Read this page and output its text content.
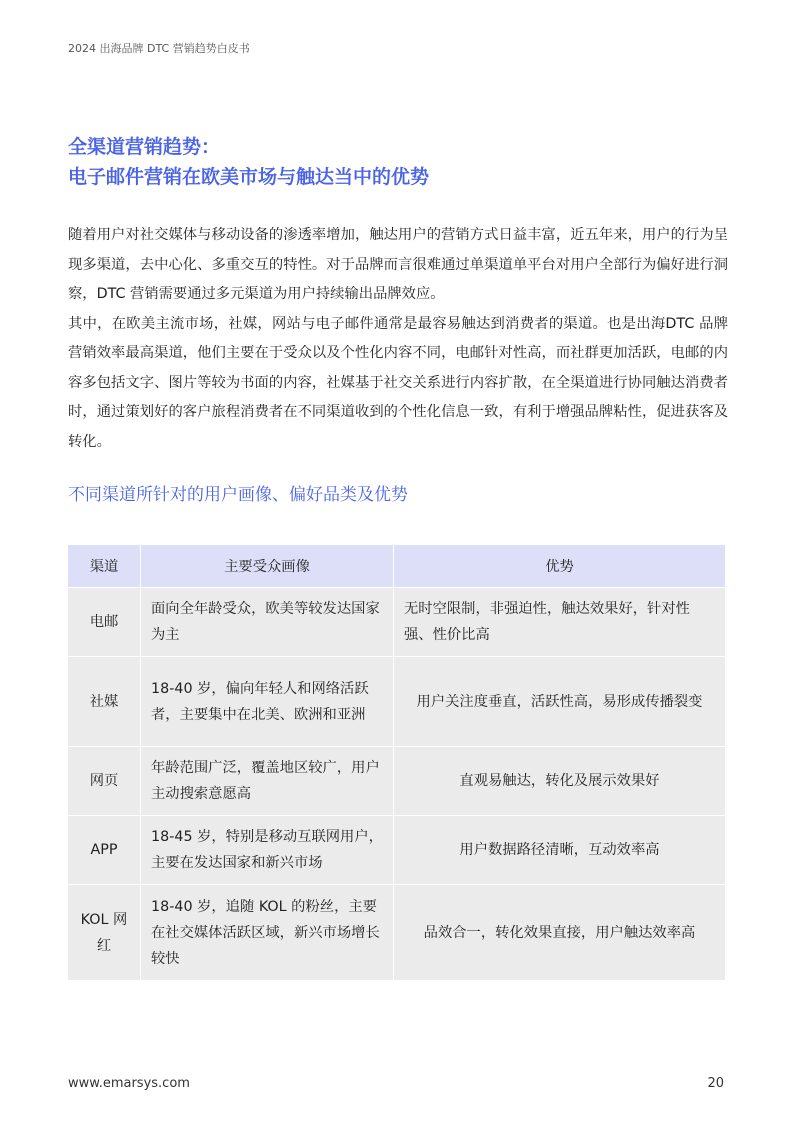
2024 出海品牌 DTC 营销趋势白皮书
全渠道营销趋势：
电子邮件营销在欧美市场与触达当中的优势

随着用户对社交媒体与移动设备的渗透率增加，触达用户的营销方式日益丰富，近五年来，用户的行为呈现多渠道，去中心化、多重交互的特性。对于品牌而言很难通过单渠道单平台对用户全部行为偏好进行洞察，DTC 营销需要通过多元渠道为用户持续输出品牌效应。

其中，在欧美主流市场，社媒，网站与电子邮件通常是最容易触达到消费者的渠道。也是出海DTC 品牌营销效率最高渠道，他们主要在于受众以及个性化内容不同，电邮针对性高，而社群更加活跃，电邮的内容多包括文字、图片等较为书面的内容，社媒基于社交关系进行内容扩散，在全渠道进行协同触达消费者时，通过策划好的客户旅程消费者在不同渠道收到的个性化信息一致，有利于增强品牌粘性，促进获客及转化。

不同渠道所针对的用户画像、偏好品类及优势
渠道	主要受众画像	优势
电邮	面向全年龄受众，欧美等较发达国家为主	无时空限制，非强迫性，触达效果好，针对性强、性价比高
社媒	18-40 岁，偏向年轻人和网络活跃者，主要集中在北美、欧洲和亚洲	用户关注度垂直，活跃性高，易形成传播裂变
网页	年龄范围广泛，覆盖地区较广，用户主动搜索意愿高	直观易触达，转化及展示效果好
APP	18-45 岁，特别是移动互联网用户，主要在发达国家和新兴市场	用户数据路径清晰，互动效率高
KOL 网红	18-40 岁，追随 KOL 的粉丝，主要在社交媒体活跃区域，新兴市场增长较快	品效合一，转化效果直接，用户触达效率高
www.emarsys.com	20
